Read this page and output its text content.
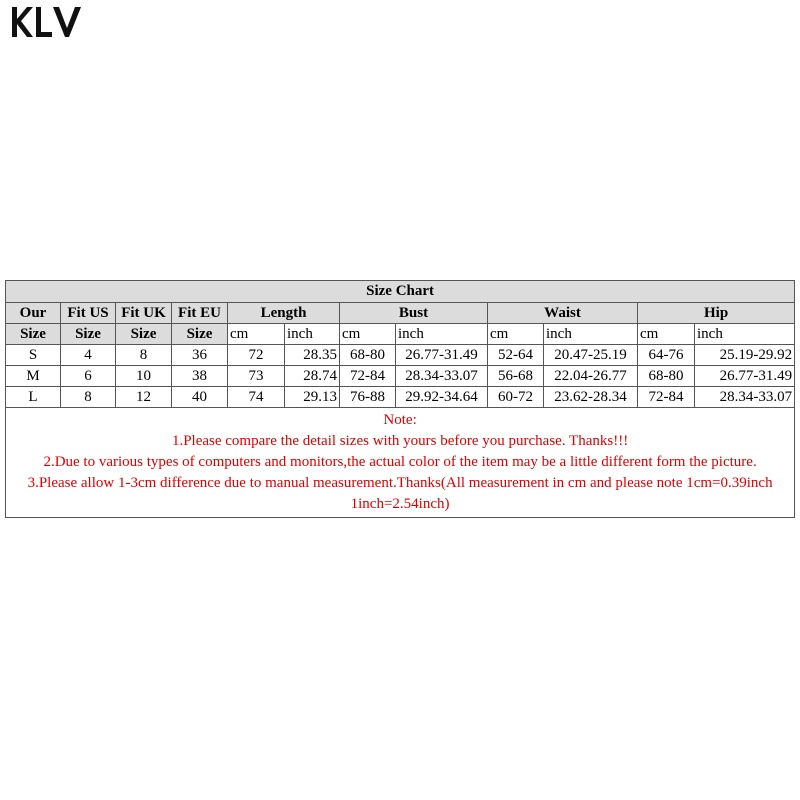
Size Chart											
Our	Fit US	Fit UK	Fit EU	Length		Bust		Waist		Hip	
Size	Size	Size	Size	cm	inch	cm	inch	cm	inch	cm	inch
S	4	8	36	72	28.35	68-80	26.77-31.49	52-64	20.47-25.19	64-76	25.19-29.92
M	6	10	38	73	28.74	72-84	28.34-33.07	56-68	22.04-26.77	68-80	26.77-31.49
L	8	12	40	74	29.13	76-88	29.92-34.64	60-72	23.62-28.34	72-84	28.34-33.07

Note:
1.Please compare the detail sizes with yours before you purchase. Thanks!!!
2.Due to various types of computers and monitors,the actual color of the item may be a little different form the picture.
3.Please allow 1-3cm difference due to manual measurement.Thanks(All measurement in cm and please note 1cm=0.39inch 1inch=2.54inch)											
